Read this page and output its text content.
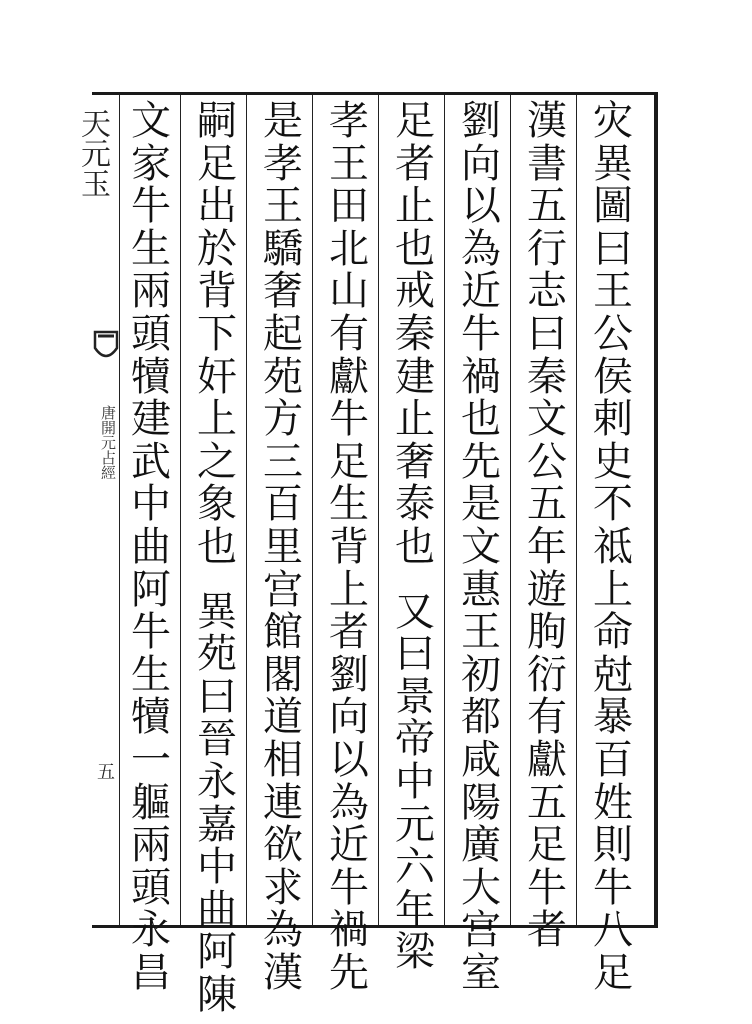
天元玉
唐開元占經
五
灾
異
圖
曰
王
公
侯
剌
史
不
祗
上
命
尅
暴
百
姓
則
牛
八
足
漢
書
五
行
志
曰
秦
文
公
五
年
遊
朐
衍
有
獻
五
足
牛
者
劉
向
以
為
近
牛
禍
也
先
是
文
惠
王
初
都
咸
陽
廣
大
宫
室
足
者
止
也
戒
秦
建
止
奢
泰
也
又
曰
景
帝
中
元
六
年
梁
孝
王
田
北
山
有
獻
牛
足
生
背
上
者
劉
向
以
為
近
牛
禍
先
是
孝
王
驕
奢
起
苑
方
三
百
里
宫
館
閣
道
相
連
欲
求
為
漢
嗣
足
出
於
背
下
奸
上
之
象
也
異
苑
曰
晉
永
嘉
中
曲
阿
陳
文
家
牛
生
兩
頭
犢
建
武
中
曲
阿
牛
生
犢
一
軀
兩
頭
永
昌
